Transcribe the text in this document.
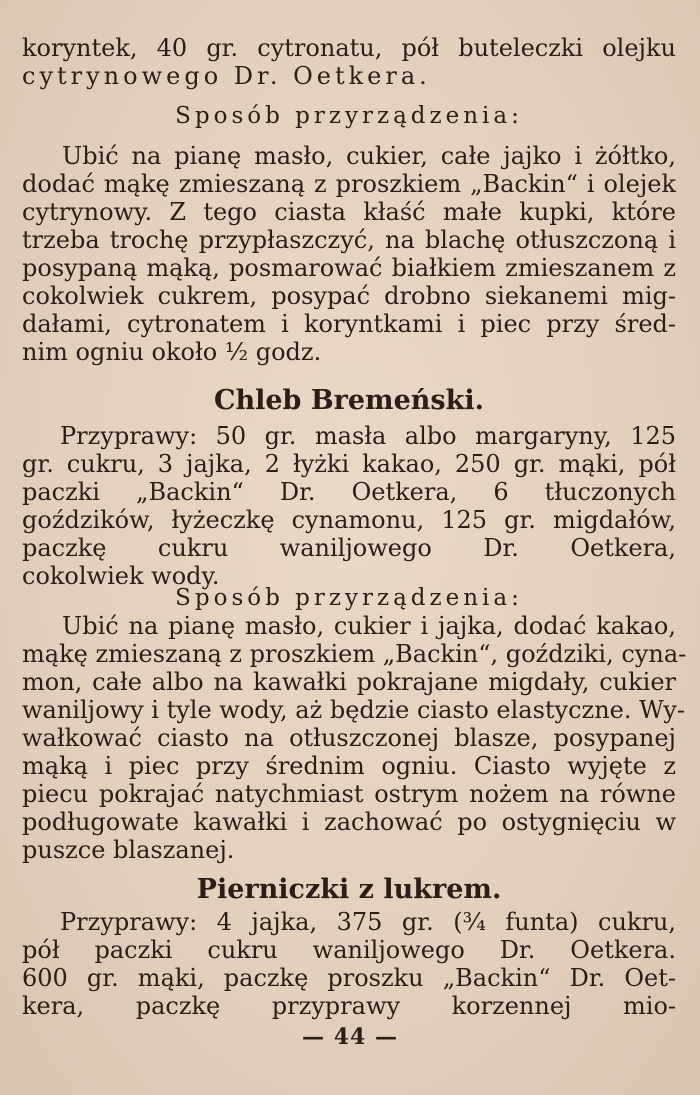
koryntek, 40 gr. cytronatu, pół buteleczki olejku
cytrynowego Dr. Oetkera.
Sposób przyrządzenia:
Ubić na pianę masło, cukier, całe jajko i żółtko,
dodać mąkę zmieszaną z proszkiem „Backin“ i olejek
cytrynowy. Z tego ciasta kłaść małe kupki, które
trzeba trochę przypłaszczyć, na blachę otłuszczoną i
posypaną mąką, posmarować białkiem zmieszanem z
cokolwiek cukrem, posypać drobno siekanemi mig-
dałami, cytronatem i koryntkami i piec przy śred-
nim ogniu około ½ godz.
Chleb Bremeński.
Przyprawy: 50 gr. masła albo margaryny, 125
gr. cukru, 3 jajka, 2 łyżki kakao, 250 gr. mąki, pół
paczki „Backin“ Dr. Oetkera, 6 tłuczonych
goździków, łyżeczkę cynamonu, 125 gr. migdałów,
paczkę cukru waniljowego Dr. Oetkera,
cokolwiek wody.
Sposób przyrządzenia:
Ubić na pianę masło, cukier i jajka, dodać kakao,
mąkę zmieszaną z proszkiem „Backin“, goździki, cyna-
mon, całe albo na kawałki pokrajane migdały, cukier
waniljowy i tyle wody, aż będzie ciasto elastyczne. Wy-
wałkować ciasto na otłuszczonej blasze, posypanej
mąką i piec przy średnim ogniu. Ciasto wyjęte z
piecu pokrajać natychmiast ostrym nożem na równe
podługowate kawałki i zachować po ostygnięciu w
puszce blaszanej.
Pierniczki z lukrem.
Przyprawy: 4 jajka, 375 gr. (¾ funta) cukru,
pół paczki cukru waniljowego Dr. Oetkera.
600 gr. mąki, paczkę proszku „Backin“ Dr. Oet-
kera, paczkę przyprawy korzennej mio-
— 44 —
